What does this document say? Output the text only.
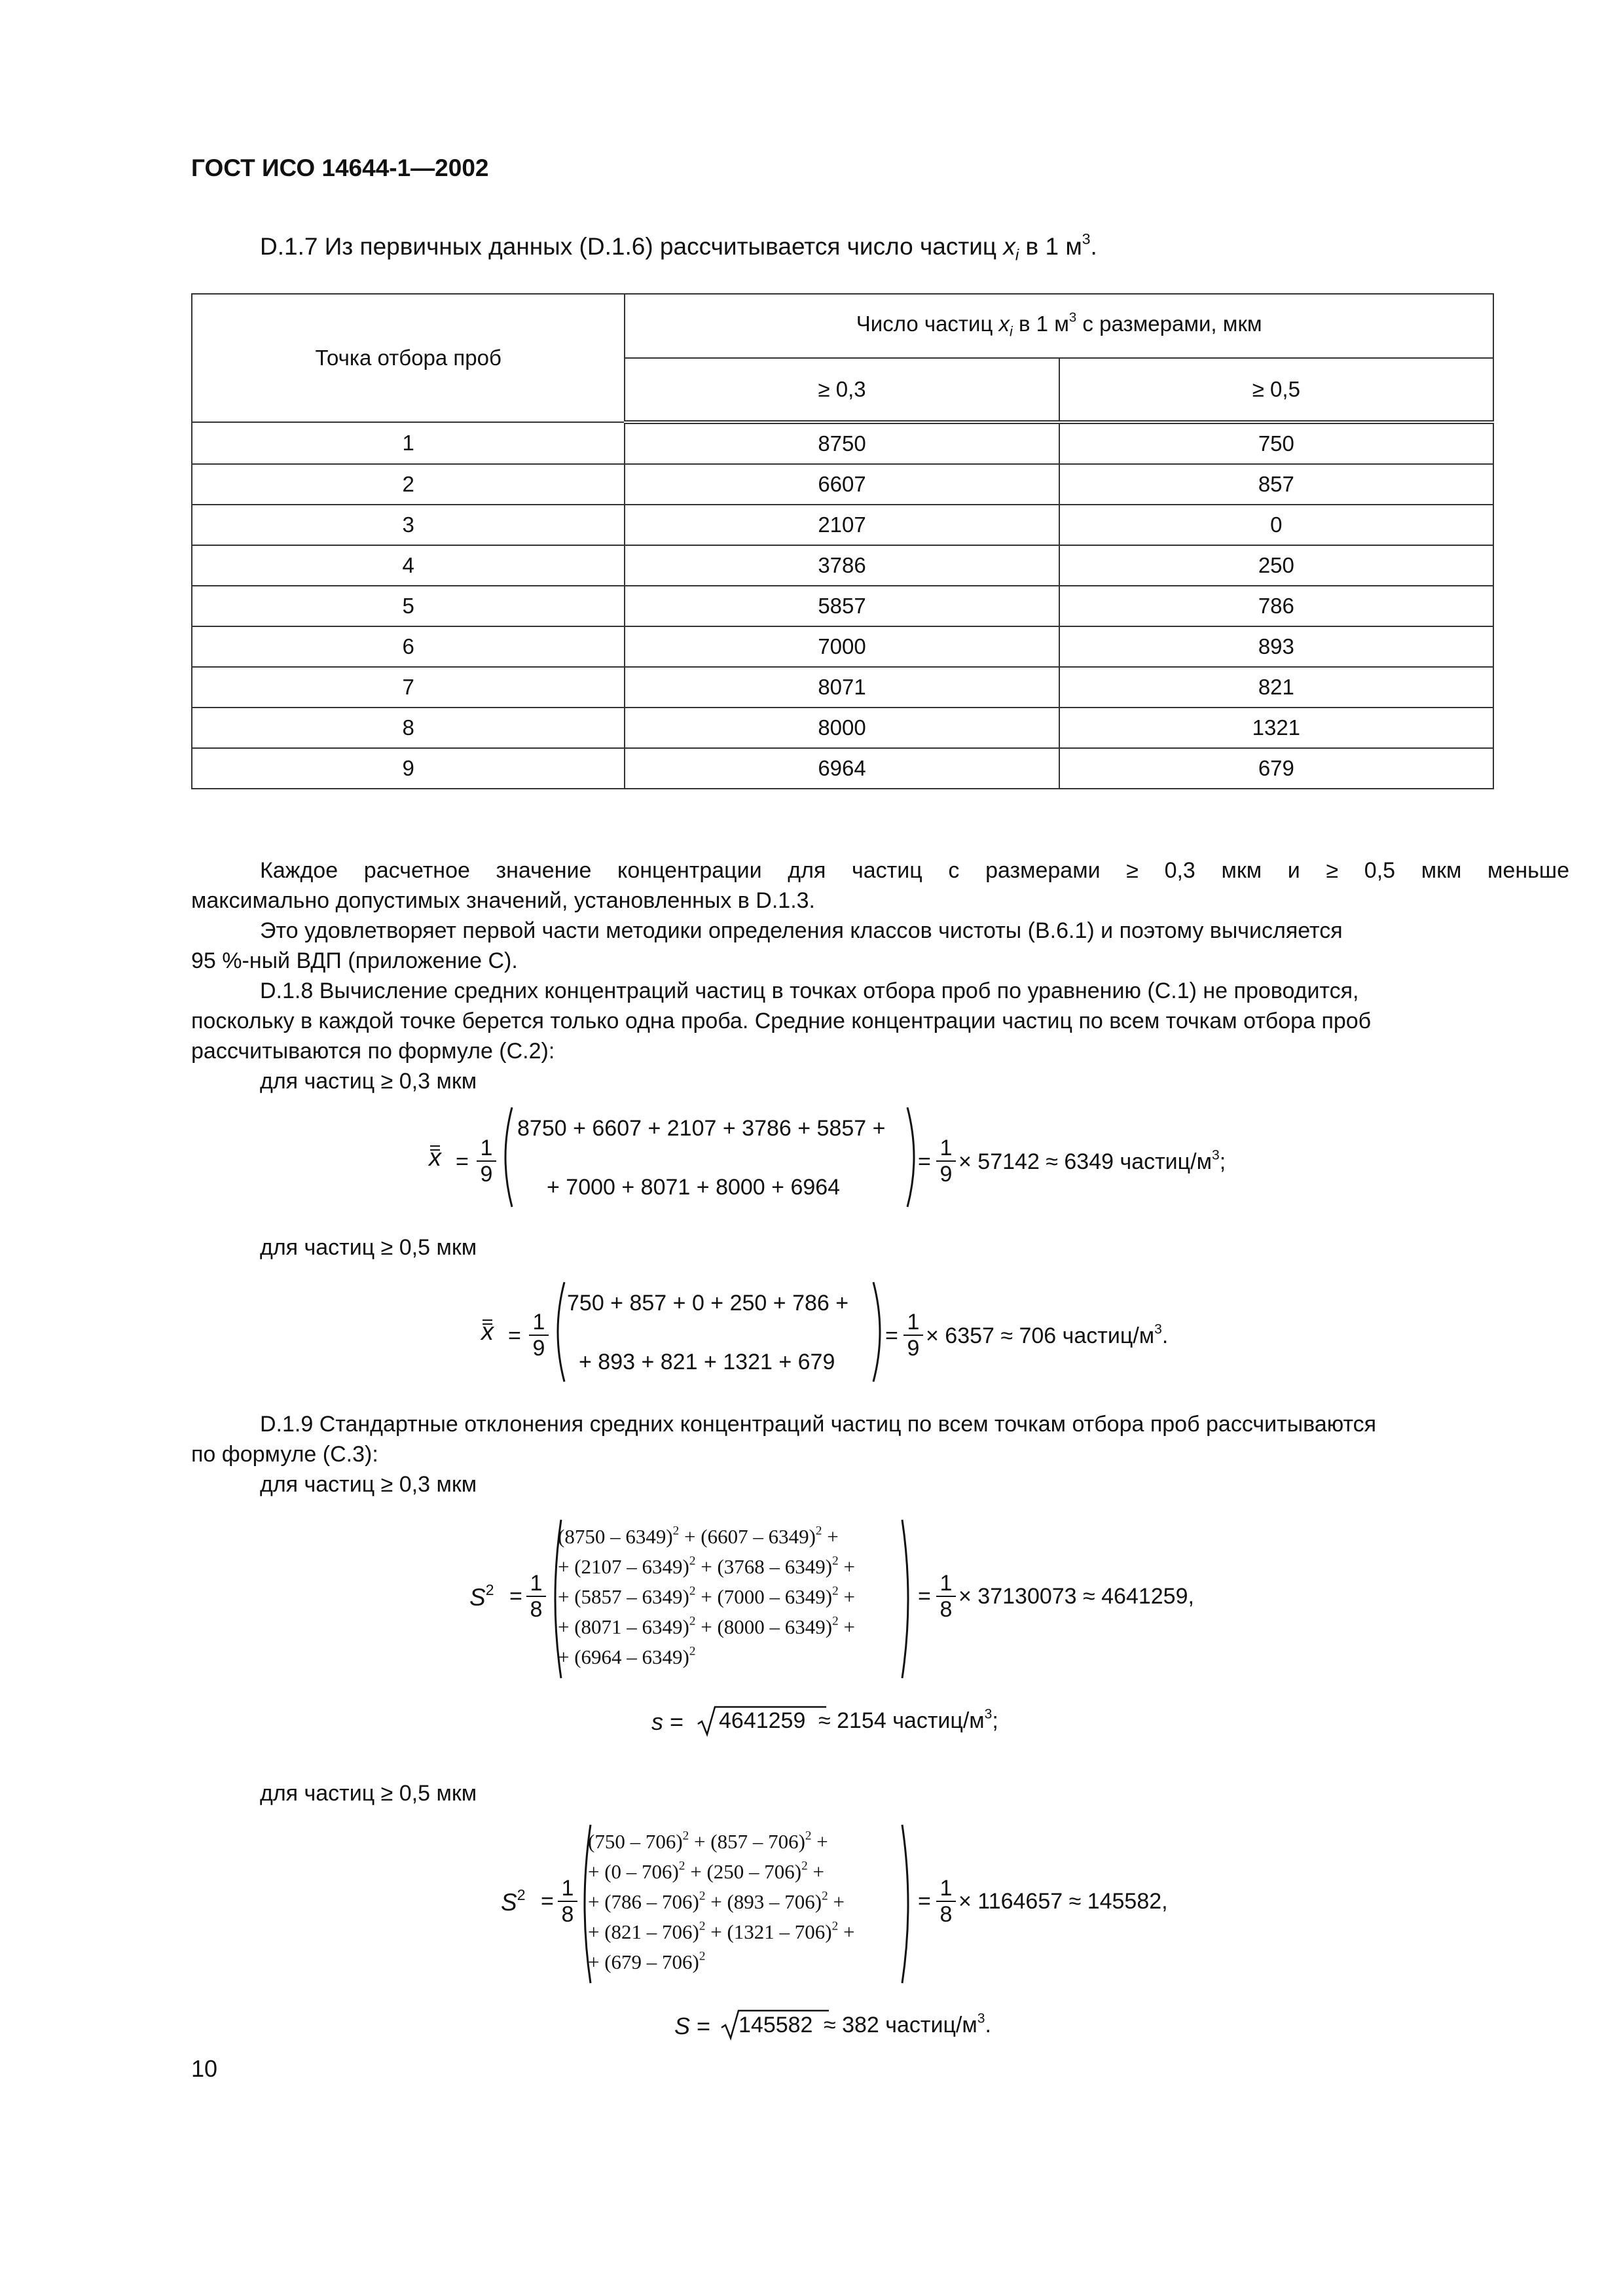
ГОСТ ИСО 14644-1—2002
D.1.7 Из первичных данных (D.1.6) рассчитывается число частиц $x_i$ в 1 $м^3$.
Точка отбора проб	Число частиц $x_i$ в 1 $м^3$ с размерами, мкм	
	≥ 0,3	≥ 0,5
1	8750	750
2	6607	857
3	2107	0
4	3786	250
5	5857	786
6	7000	893
7	8071	821
8	8000	1321
9	6964	679
Каждое расчетное значение концентрации для частиц с размерами ≥ 0,3 мкм и ≥ 0,5 мкм меньше
максимально допустимых значений, установленных в D.1.3.
Это удовлетворяет первой части методики определения классов чистоты (В.6.1) и поэтому вычисляется
95 %-ный ВДП (приложение С).
D.1.8 Вычисление средних концентраций частиц в точках отбора проб по уравнению (С.1) не проводится,
поскольку в каждой точке берется только одна проба. Средние концентрации частиц по всем точкам отбора проб
рассчитываются по формуле (С.2):
для частиц ≥ 0,3 мкм
$x = \frac{1}{9}$
8750 + 6607 + 2107 + 3786 + 5857 +
+ 7000 + 8071 + 8000 + 6964
= $\frac{1}{9} \times 57142 \approx 6349$ частиц/$м^3$;
для частиц ≥ 0,5 мкм
$x = \frac{1}{9}$
750 + 857 + 0 + 250 + 786 +
+ 893 + 821 + 1321 + 679
= $\frac{1}{9} \times 6357 \approx 706$ частиц/$м^3$.
D.1.9 Стандартные отклонения средних концентраций частиц по всем точкам отбора проб рассчитываются
по формуле (С.3):
для частиц ≥ 0,3 мкм
$S^2 = \frac{1}{8}$
(8750 – 6349)$^2$ + (6607 – 6349)$^2$ +
+ (2107 – 6349)$^2$ + (3768 – 6349)$^2$ +
+ (5857 – 6349)$^2$ + (7000 – 6349)$^2$ +
+ (8071 – 6349)$^2$ + (8000 – 6349)$^2$ +
+ (6964 – 6349)$^2$
= $\frac{1}{8} \times 37130073 \approx 4641259$,
s = 4641259 ≈ 2154 частиц/$м^3$;
для частиц ≥ 0,5 мкм
$S^2 = \frac{1}{8}$
(750 – 706)$^2$ + (857 – 706)$^2$ +
+ (0 – 706)$^2$ + (250 – 706)$^2$ +
+ (786 – 706)$^2$ + (893 – 706)$^2$ +
+ (821 – 706)$^2$ + (1321 – 706)$^2$ +
+ (679 – 706)$^2$
= $\frac{1}{8} \times 1164657 \approx 145582$,
S = 145582 ≈ 382 частиц/$м^3$.
10
